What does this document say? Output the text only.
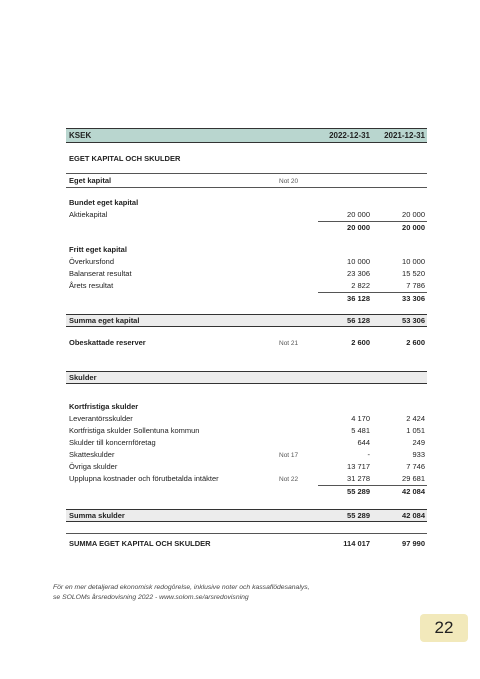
KSEK	2022-12-31 2021-12-31
EGET KAPITAL OCH SKULDER
Eget kapital	Not 20
Bundet eget kapital
Aktiekapital	20 000	20 000
20 000	20 000
Fritt eget kapital
Överkursfond	10 000	10 000
Balanserat resultat	23 306	15 520
Årets resultat	2 822	7 786
36 128	33 306
Summa eget kapital	56 128	53 306
Obeskattade reserver	Not 21	2 600	2 600
Skulder
Kortfristiga skulder
Leverantörsskulder	4 170	2 424
Kortfristiga skulder Sollentuna kommun	5 481	1 051
Skulder till koncernföretag	644	249
Skatteskulder	Not 17	-	933
Övriga skulder	13 717	7 746
Upplupna kostnader och förutbetalda intäkter	Not 22	31 278	29 681
55 289	42 084
Summa skulder	55 289	42 084
SUMMA EGET KAPITAL OCH SKULDER	114 017	97 990
För en mer detaljerad ekonomisk redogörelse, inklusive noter och kassaflödesanalys,
se SOLOMs årsredovisning 2022 - www.solom.se/arsredovisning
22
